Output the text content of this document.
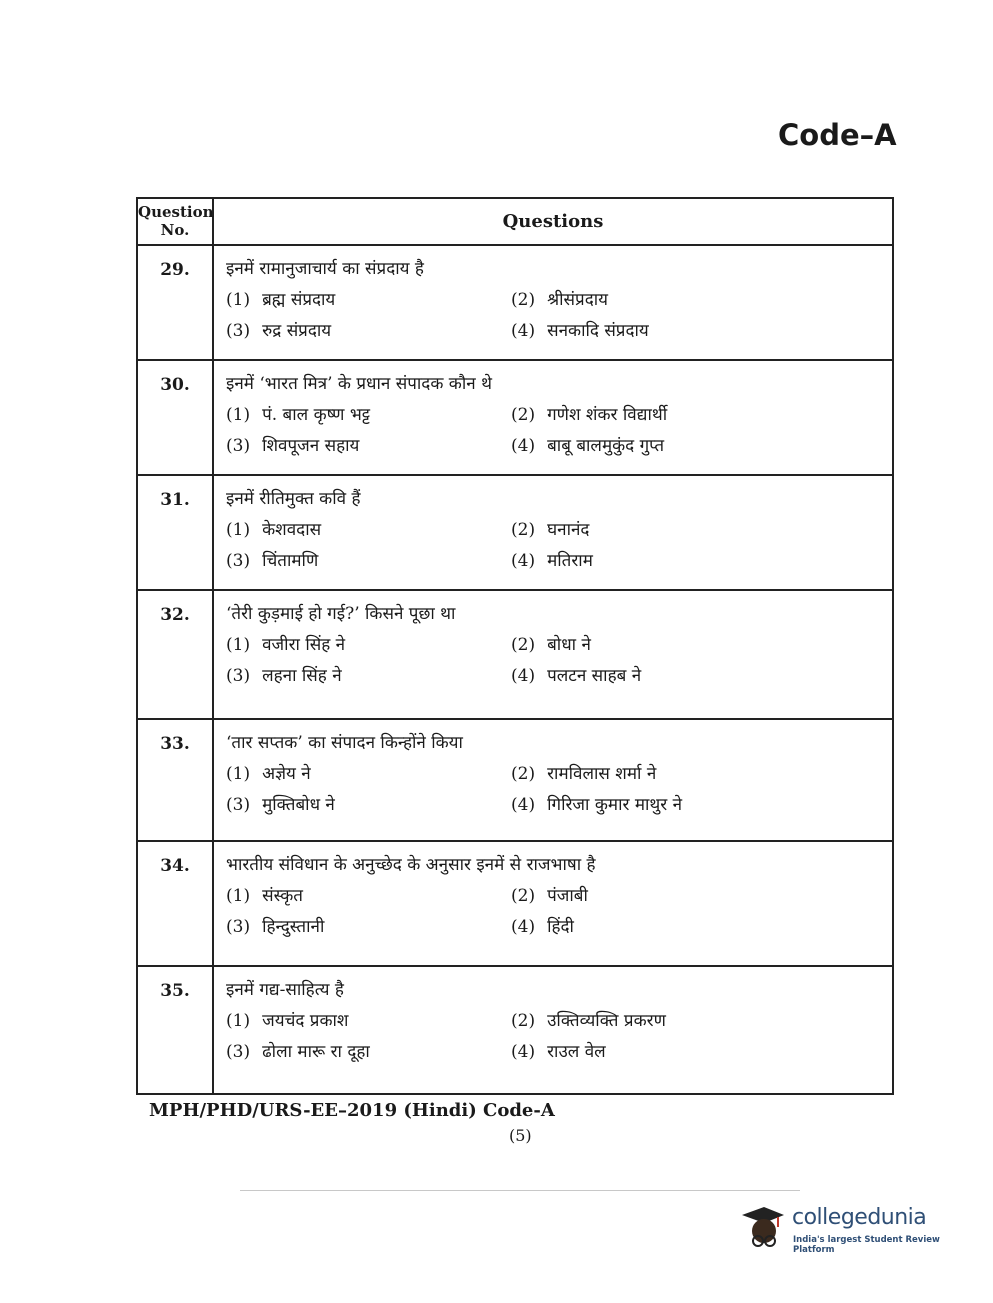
Code–A
Question No.	Questions
29.	इनमें रामानुजाचार्य का संप्रदाय है
(1) ब्रह्म संप्रदाय	(2) श्रीसंप्रदाय
(3) रुद्र संप्रदाय	(4) सनकादि संप्रदाय
30.	इनमें ‘भारत मित्र’ के प्रधान संपादक कौन थे
(1) पं. बाल कृष्ण भट्ट	(2) गणेश शंकर विद्यार्थी
(3) शिवपूजन सहाय	(4) बाबू बालमुकुंद गुप्त
31.	इनमें रीतिमुक्त कवि हैं
(1) केशवदास	(2) घनानंद
(3) चिंतामणि	(4) मतिराम
32.	‘तेरी कुड़माई हो गई?’ किसने पूछा था
(1) वजीरा सिंह ने	(2) बोधा ने
(3) लहना सिंह ने	(4) पलटन साहब ने
33.	‘तार सप्तक’ का संपादन किन्होंने किया
(1) अज्ञेय ने	(2) रामविलास शर्मा ने
(3) मुक्तिबोध ने	(4) गिरिजा कुमार माथुर ने
34.	भारतीय संविधान के अनुच्छेद के अनुसार इनमें से राजभाषा है
(1) संस्कृत	(2) पंजाबी
(3) हिन्दुस्तानी	(4) हिंदी
35.	इनमें गद्य-साहित्य है
(1) जयचंद प्रकाश	(2) उक्तिव्यक्ति प्रकरण
(3) ढोला मारू रा दूहा	(4) राउल वेल
MPH/PHD/URS-EE–2019 (Hindi) Code-A
(5)
collegedunia
India's largest Student Review Platform
